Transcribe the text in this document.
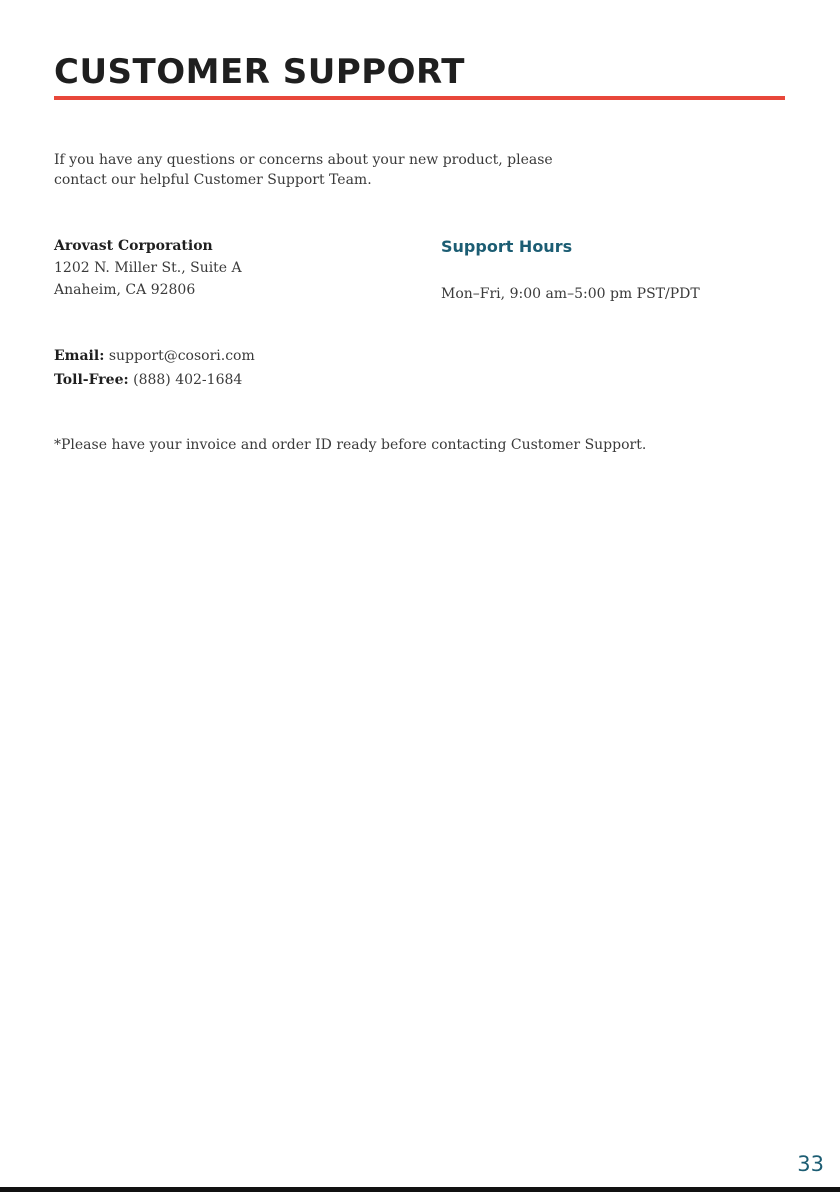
CUSTOMER SUPPORT

If you have any questions or concerns about your new product, please
contact our helpful Customer Support Team.

Arovast Corporation
1202 N. Miller St., Suite A
Anaheim, CA 92806
Support Hours
Mon–Fri, 9:00 am–5:00 pm PST/PDT
Email: support@cosori.com
Toll-Free: (888) 402-1684

*Please have your invoice and order ID ready before contacting Customer Support.

33
